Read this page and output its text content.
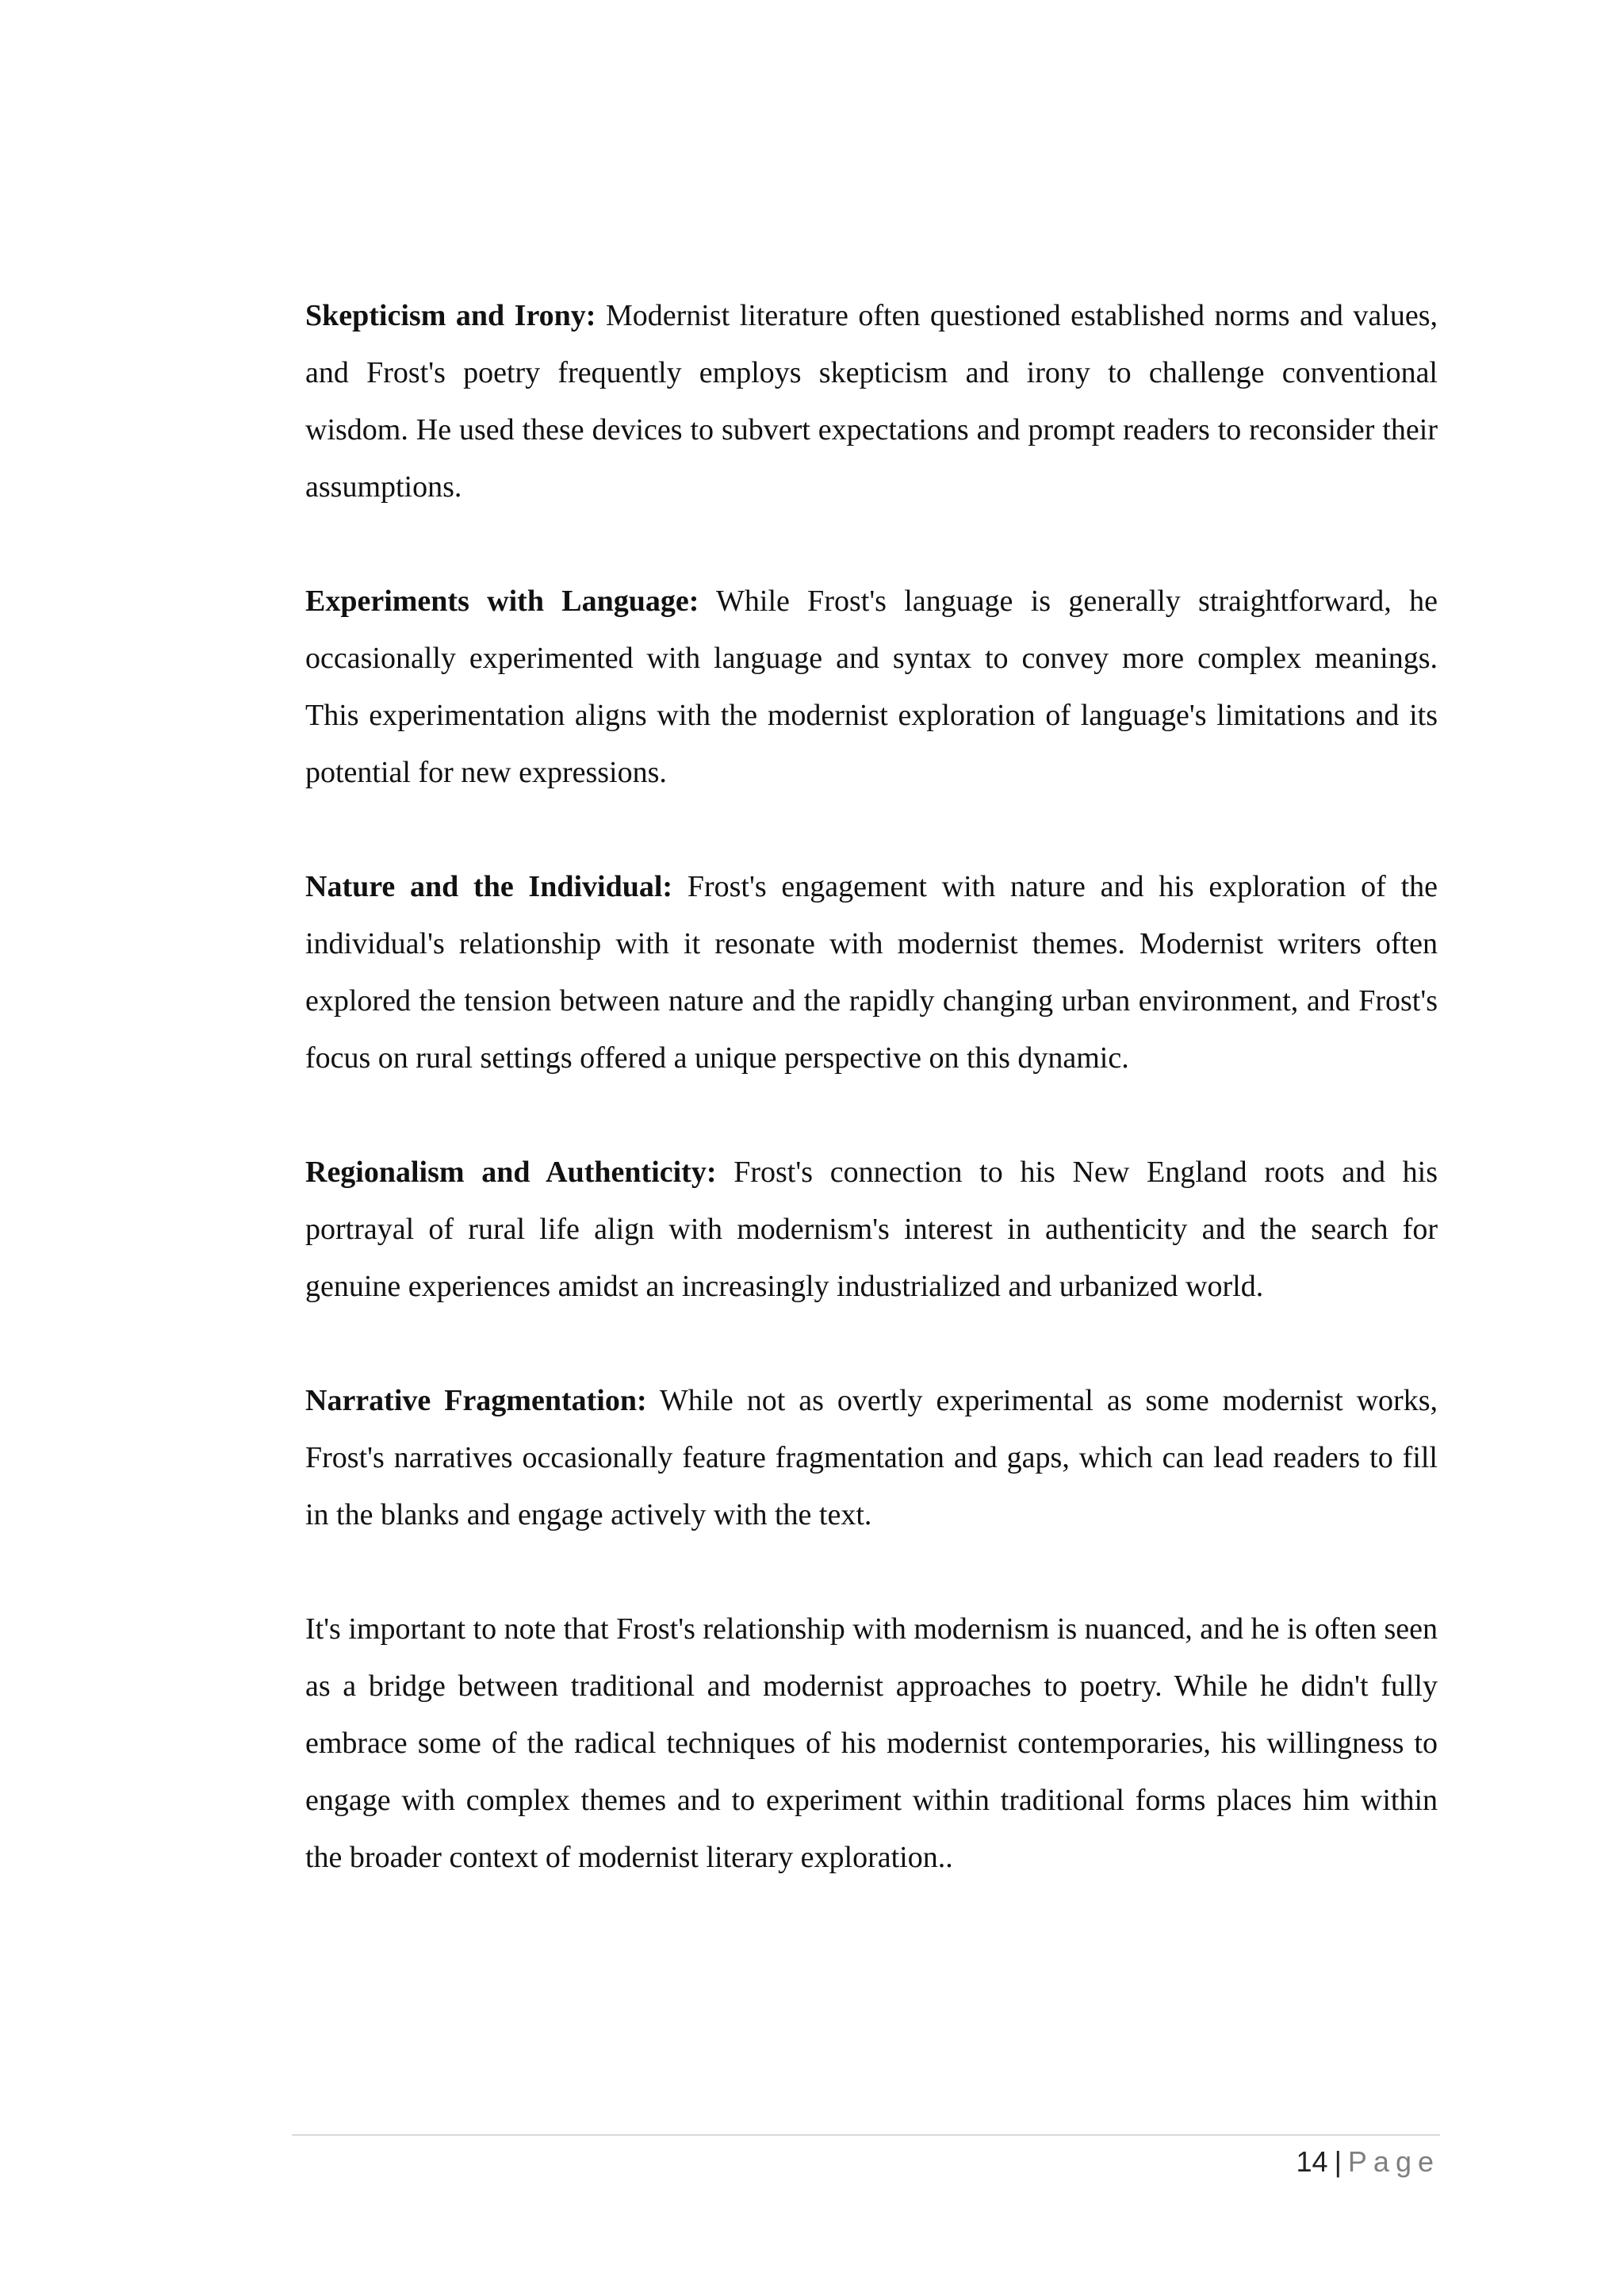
Skepticism and Irony: Modernist literature often questioned established norms and values, and Frost's poetry frequently employs skepticism and irony to challenge conventional wisdom. He used these devices to subvert expectations and prompt readers to reconsider their assumptions.

Experiments with Language: While Frost's language is generally straightforward, he occasionally experimented with language and syntax to convey more complex meanings. This experimentation aligns with the modernist exploration of language's limitations and its potential for new expressions.

Nature and the Individual: Frost's engagement with nature and his exploration of the individual's relationship with it resonate with modernist themes. Modernist writers often explored the tension between nature and the rapidly changing urban environment, and Frost's focus on rural settings offered a unique perspective on this dynamic.

Regionalism and Authenticity: Frost's connection to his New England roots and his portrayal of rural life align with modernism's interest in authenticity and the search for genuine experiences amidst an increasingly industrialized and urbanized world.

Narrative Fragmentation: While not as overtly experimental as some modernist works, Frost's narratives occasionally feature fragmentation and gaps, which can lead readers to fill in the blanks and engage actively with the text.

It's important to note that Frost's relationship with modernism is nuanced, and he is often seen as a bridge between traditional and modernist approaches to poetry. While he didn't fully embrace some of the radical techniques of his modernist contemporaries, his willingness to engage with complex themes and to experiment within traditional forms places him within the broader context of modernist literary exploration..

14 | Page
